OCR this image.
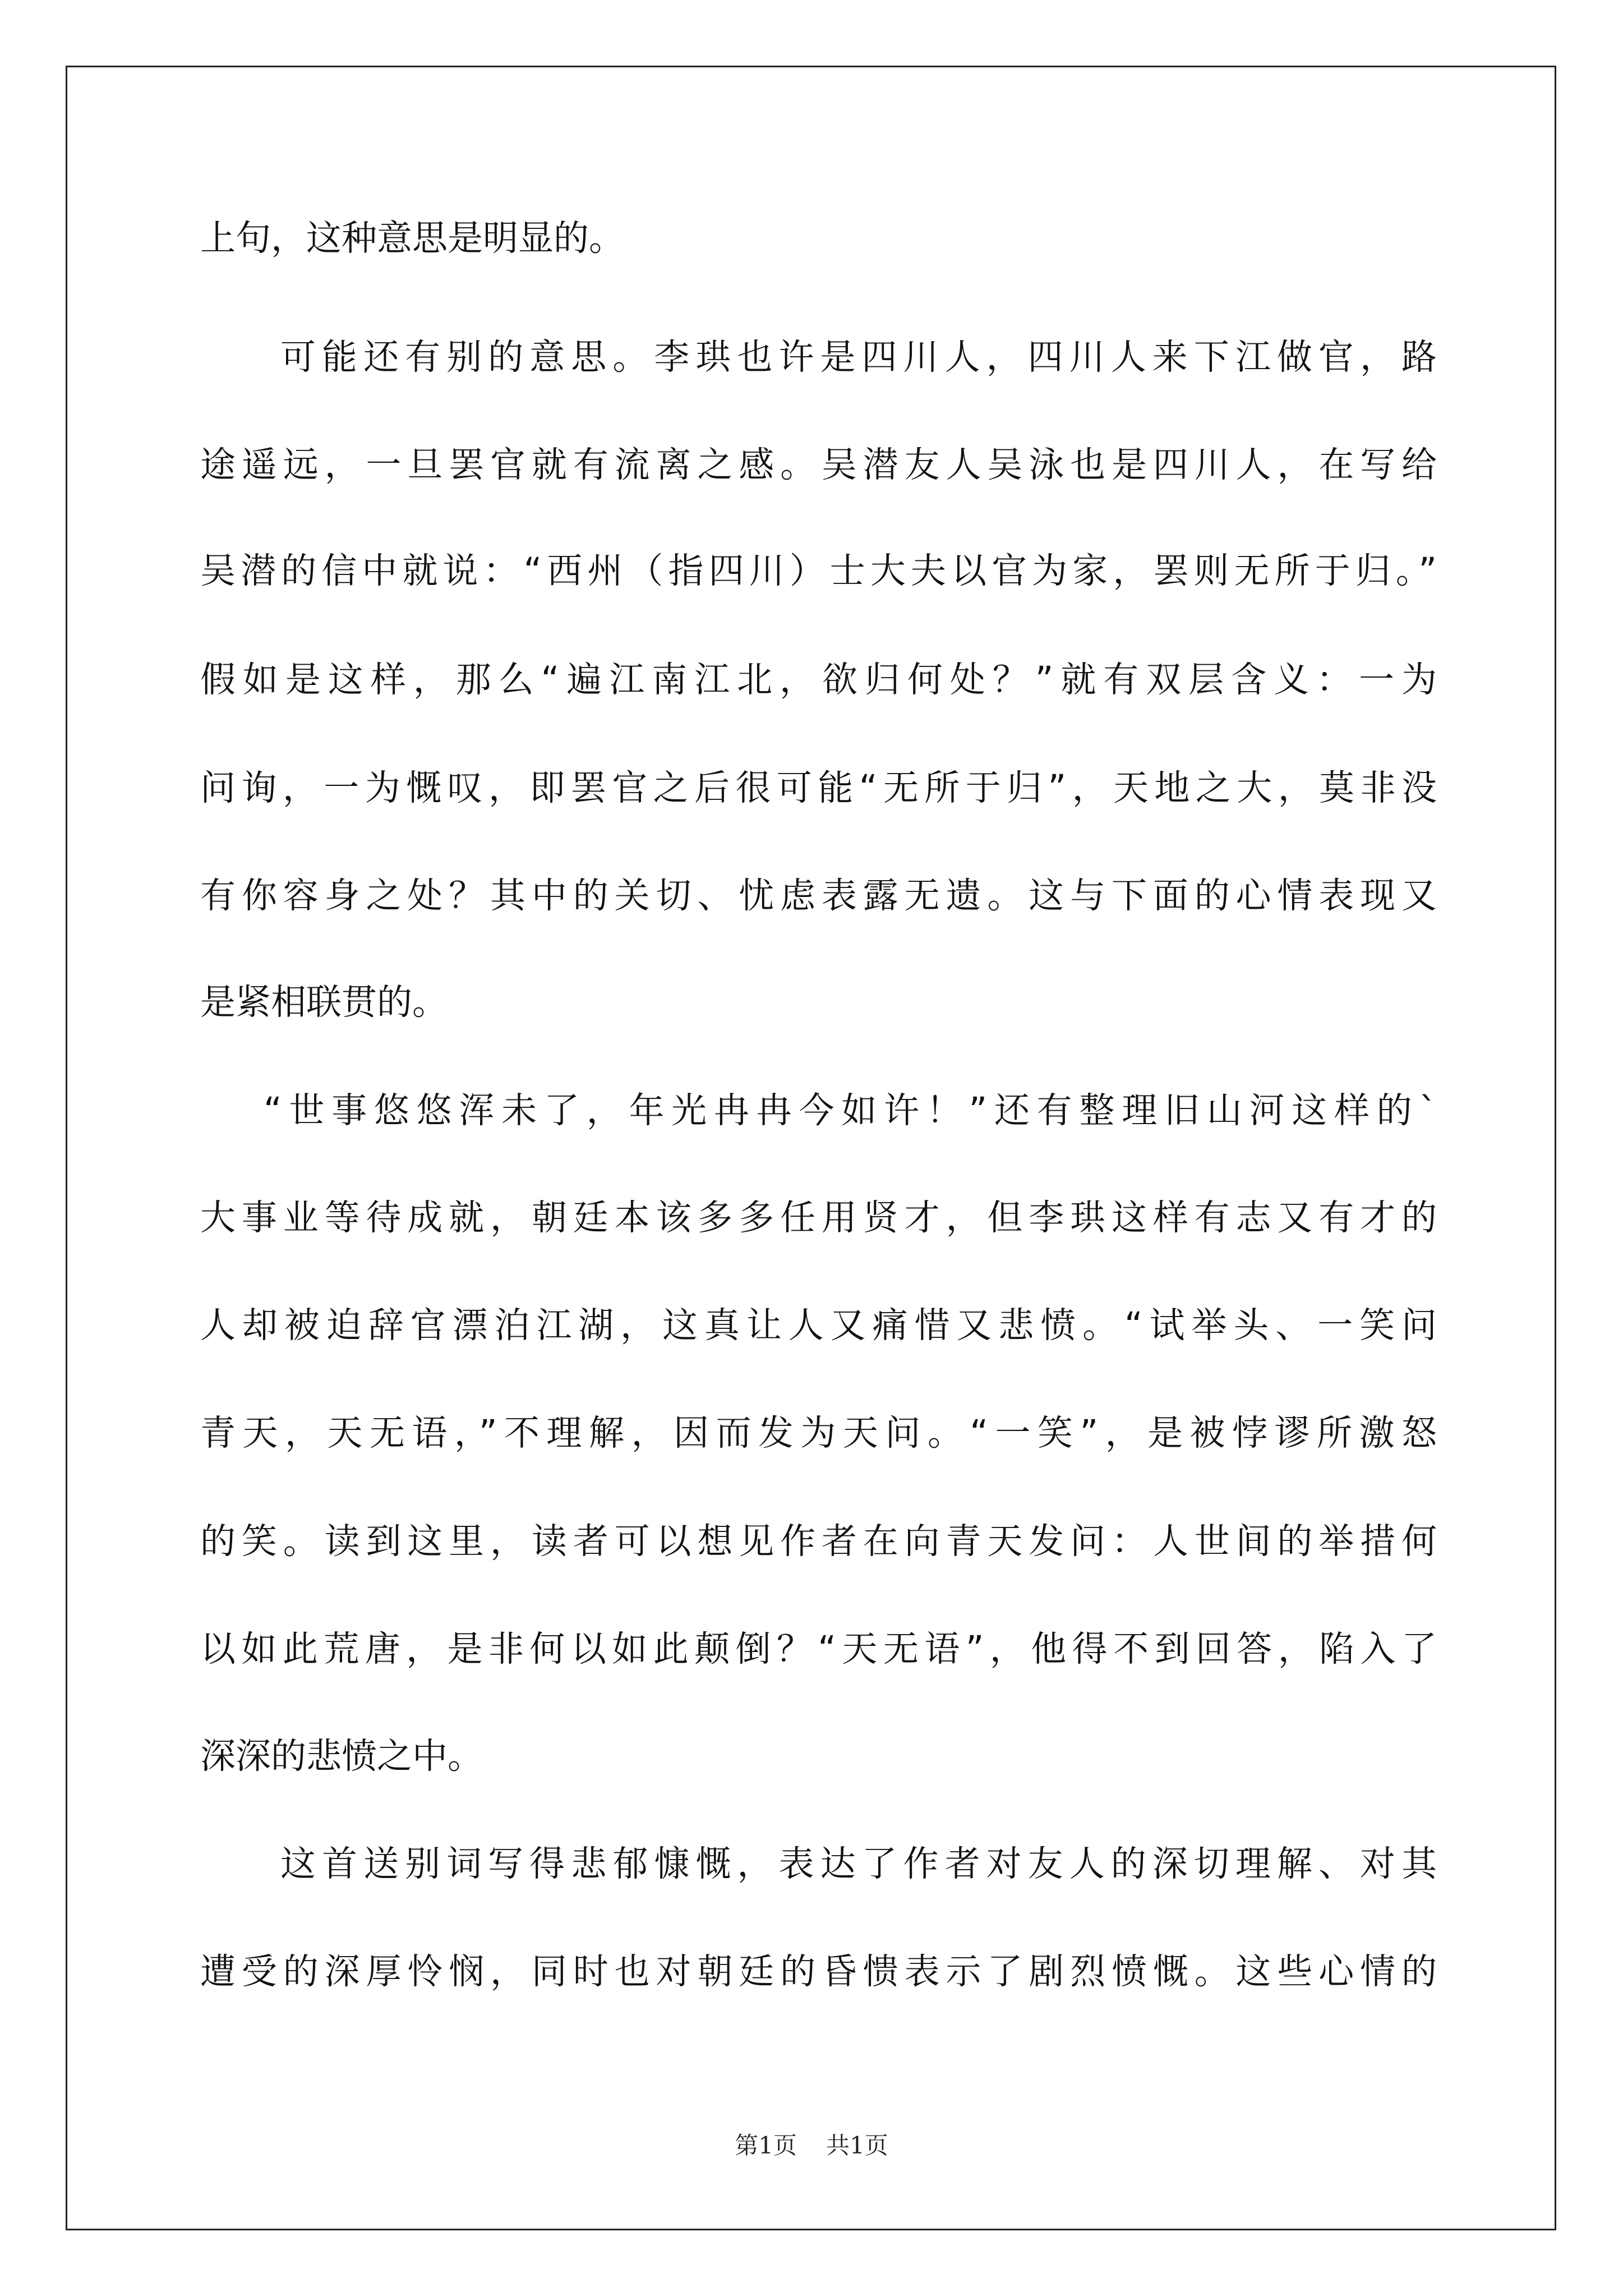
上句，这种意思是明显的。
可能还有别的意思。李珙也许是四川人，四川人来下江做官，路
途遥远，一旦罢官就有流离之感。吴潜友人吴泳也是四川人，在写给
吴潜的信中就说：“西州（指四川）士大夫以官为家，罢则无所于归。”
假如是这样，那么“遍江南江北，欲归何处？”就有双层含义：一为
问询，一为慨叹，即罢官之后很可能“无所于归”，天地之大，莫非没
有你容身之处？其中的关切、忧虑表露无遗。这与下面的心情表现又
是紧相联贯的。
“世事悠悠浑未了，年光冉冉今如许！”还有整理旧山河这样的`
大事业等待成就，朝廷本该多多任用贤才，但李珙这样有志又有才的
人却被迫辞官漂泊江湖，这真让人又痛惜又悲愤。“试举头、一笑问
青天，天无语，”不理解，因而发为天问。“一笑”，是被悖谬所激怒
的笑。读到这里，读者可以想见作者在向青天发问：人世间的举措何
以如此荒唐，是非何以如此颠倒？“天无语”，他得不到回答，陷入了
深深的悲愤之中。
这首送别词写得悲郁慷慨，表达了作者对友人的深切理解、对其
遭受的深厚怜悯，同时也对朝廷的昏愦表示了剧烈愤慨。这些心情的
第1页 共1页
